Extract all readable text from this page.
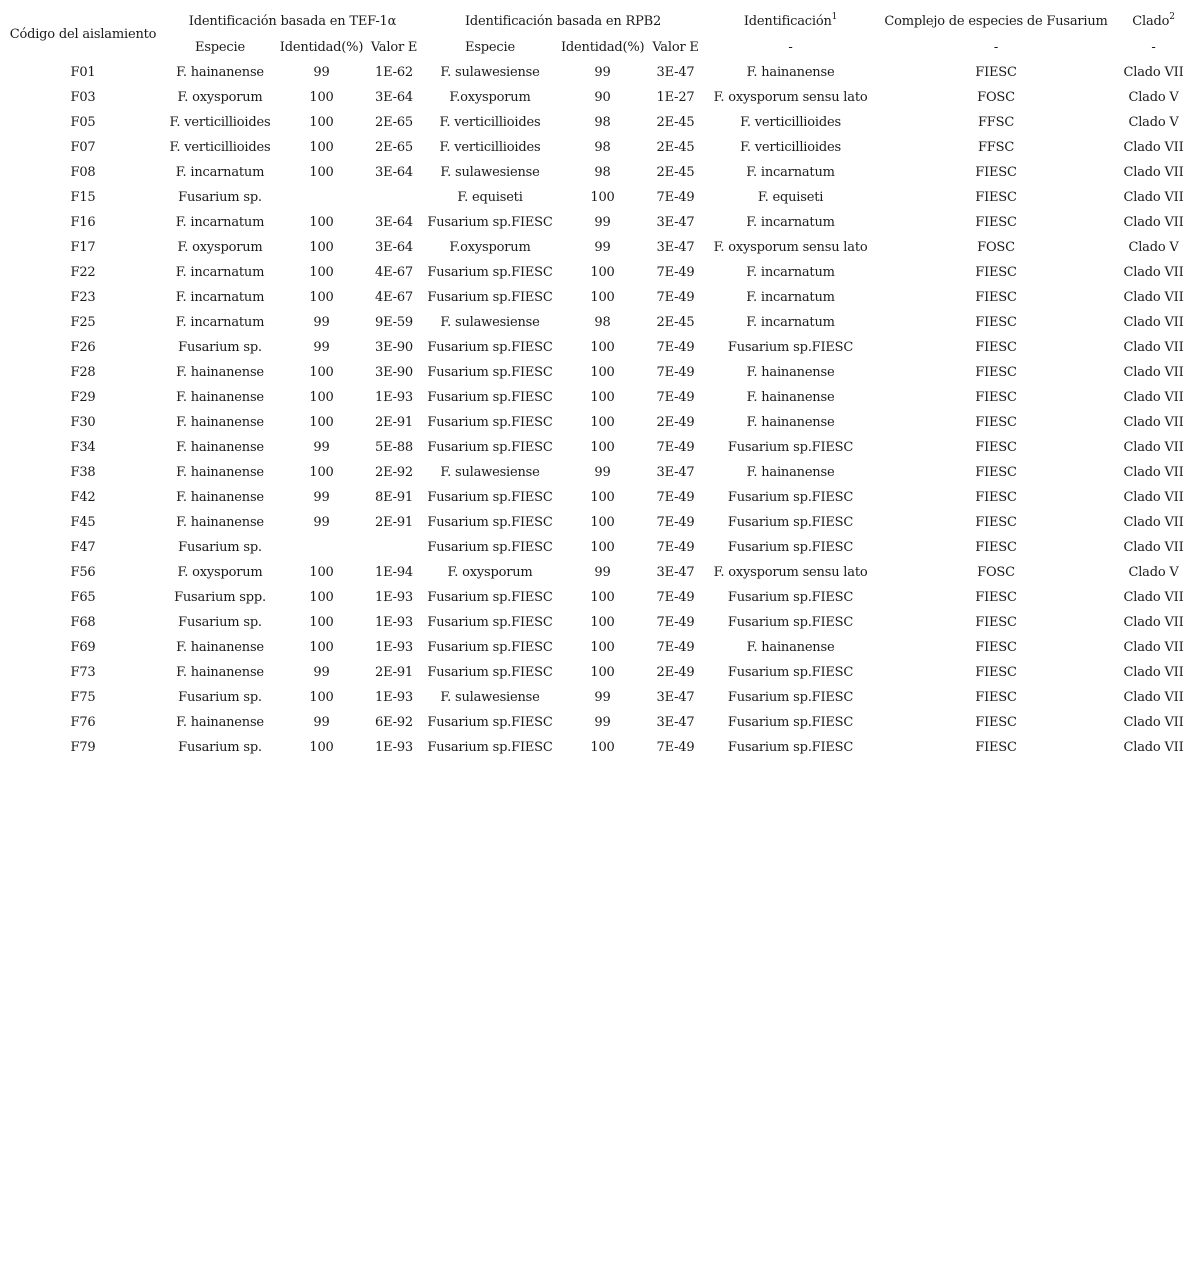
Código del aislamiento	Identificación basada en TEF-1α			Identificación basada en RPB2			Identificación$^1$	Complejo de especies de Fusarium	Clado$^2$
	Especie	Identidad(%)	Valor E	Especie	Identidad(%)	Valor E	-	-	-
F01	F. hainanense	99	1E-62	F. sulawesiense	99	3E-47	F. hainanense	FIESC	Clado VII
F03	F. oxysporum	100	3E-64	F.oxysporum	90	1E-27	F. oxysporum sensu lato	FOSC	Clado V
F05	F. verticillioides	100	2E-65	F. verticillioides	98	2E-45	F. verticillioides	FFSC	Clado V
F07	F. verticillioides	100	2E-65	F. verticillioides	98	2E-45	F. verticillioides	FFSC	Clado VII
F08	F. incarnatum	100	3E-64	F. sulawesiense	98	2E-45	F. incarnatum	FIESC	Clado VII
F15	Fusarium sp.			F. equiseti	100	7E-49	F. equiseti	FIESC	Clado VII
F16	F. incarnatum	100	3E-64	Fusarium sp.FIESC	99	3E-47	F. incarnatum	FIESC	Clado VII
F17	F. oxysporum	100	3E-64	F.oxysporum	99	3E-47	F. oxysporum sensu lato	FOSC	Clado V
F22	F. incarnatum	100	4E-67	Fusarium sp.FIESC	100	7E-49	F. incarnatum	FIESC	Clado VII
F23	F. incarnatum	100	4E-67	Fusarium sp.FIESC	100	7E-49	F. incarnatum	FIESC	Clado VII
F25	F. incarnatum	99	9E-59	F. sulawesiense	98	2E-45	F. incarnatum	FIESC	Clado VII
F26	Fusarium sp.	99	3E-90	Fusarium sp.FIESC	100	7E-49	Fusarium sp.FIESC	FIESC	Clado VII
F28	F. hainanense	100	3E-90	Fusarium sp.FIESC	100	7E-49	F. hainanense	FIESC	Clado VII
F29	F. hainanense	100	1E-93	Fusarium sp.FIESC	100	7E-49	F. hainanense	FIESC	Clado VII
F30	F. hainanense	100	2E-91	Fusarium sp.FIESC	100	2E-49	F. hainanense	FIESC	Clado VII
F34	F. hainanense	99	5E-88	Fusarium sp.FIESC	100	7E-49	Fusarium sp.FIESC	FIESC	Clado VII
F38	F. hainanense	100	2E-92	F. sulawesiense	99	3E-47	F. hainanense	FIESC	Clado VII
F42	F. hainanense	99	8E-91	Fusarium sp.FIESC	100	7E-49	Fusarium sp.FIESC	FIESC	Clado VII
F45	F. hainanense	99	2E-91	Fusarium sp.FIESC	100	7E-49	Fusarium sp.FIESC	FIESC	Clado VII
F47	Fusarium sp.			Fusarium sp.FIESC	100	7E-49	Fusarium sp.FIESC	FIESC	Clado VII
F56	F. oxysporum	100	1E-94	F. oxysporum	99	3E-47	F. oxysporum sensu lato	FOSC	Clado V
F65	Fusarium spp.	100	1E-93	Fusarium sp.FIESC	100	7E-49	Fusarium sp.FIESC	FIESC	Clado VII
F68	Fusarium sp.	100	1E-93	Fusarium sp.FIESC	100	7E-49	Fusarium sp.FIESC	FIESC	Clado VII
F69	F. hainanense	100	1E-93	Fusarium sp.FIESC	100	7E-49	F. hainanense	FIESC	Clado VII
F73	F. hainanense	99	2E-91	Fusarium sp.FIESC	100	2E-49	Fusarium sp.FIESC	FIESC	Clado VII
F75	Fusarium sp.	100	1E-93	F. sulawesiense	99	3E-47	Fusarium sp.FIESC	FIESC	Clado VII
F76	F. hainanense	99	6E-92	Fusarium sp.FIESC	99	3E-47	Fusarium sp.FIESC	FIESC	Clado VII
F79	Fusarium sp.	100	1E-93	Fusarium sp.FIESC	100	7E-49	Fusarium sp.FIESC	FIESC	Clado VII
